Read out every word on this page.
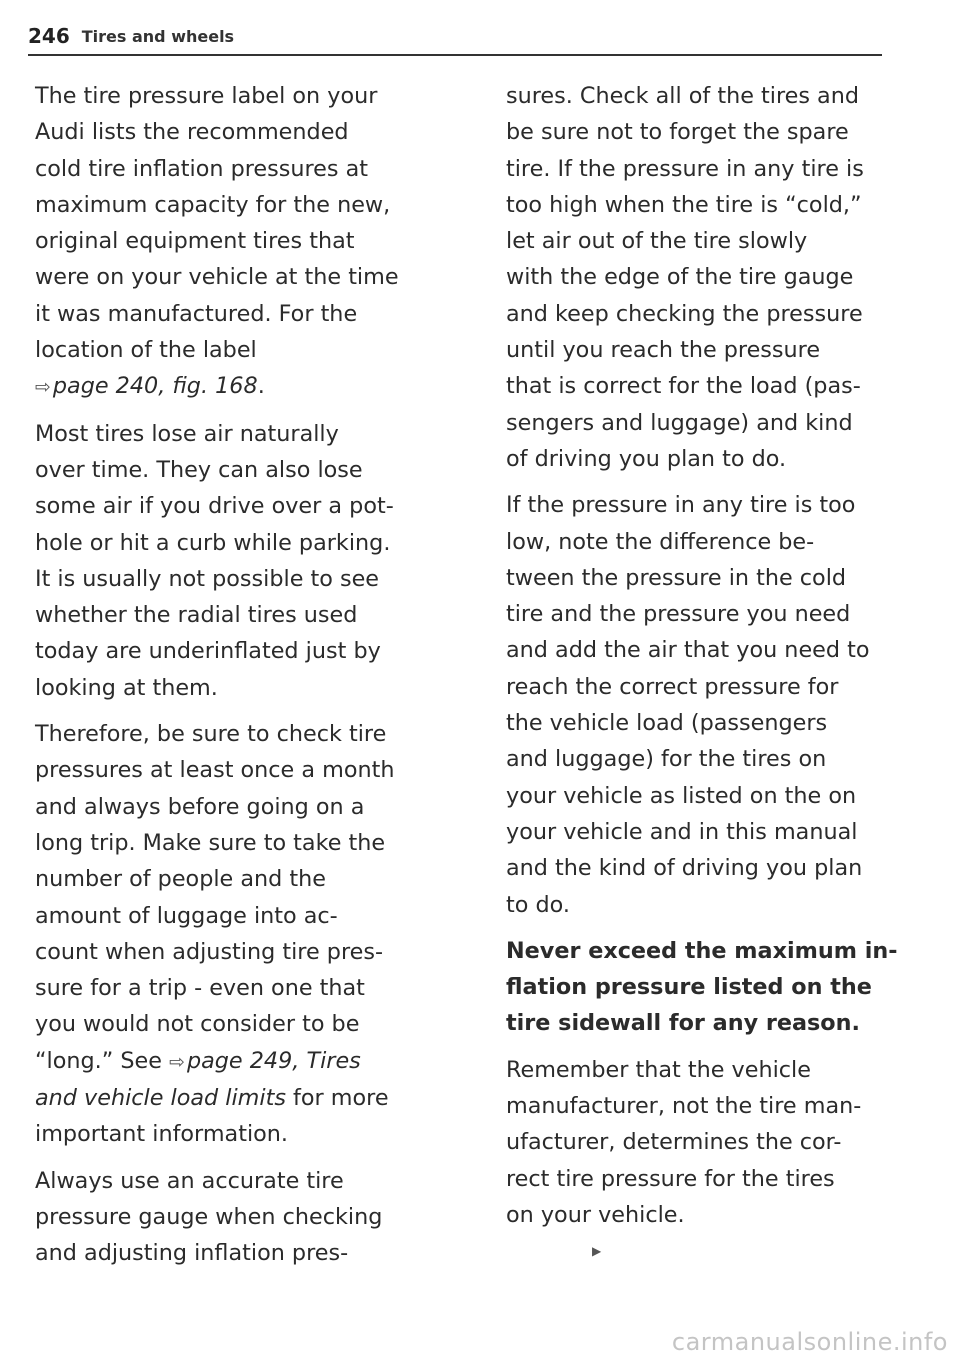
246 Tires and wheels

The tire pressure label on your
Audi lists the recommended
cold tire inflation pressures at
maximum capacity for the new,
original equipment tires that
were on your vehicle at the time
it was manufactured. For the
location of the label
⇨page 240, fig. 168.

Most tires lose air naturally
over time. They can also lose
some air if you drive over a pot-
hole or hit a curb while parking.
It is usually not possible to see
whether the radial tires used
today are underinflated just by
looking at them.

Therefore, be sure to check tire
pressures at least once a month
and always before going on a
long trip. Make sure to take the
number of people and the
amount of luggage into ac-
count when adjusting tire pres-
sure for a trip - even one that
you would not consider to be
“long.” See ⇨page 249, Tires
and vehicle load limits for more
important information.

Always use an accurate tire
pressure gauge when checking
and adjusting inflation pres-

sures. Check all of the tires and
be sure not to forget the spare
tire. If the pressure in any tire is
too high when the tire is “cold,”
let air out of the tire slowly
with the edge of the tire gauge
and keep checking the pressure
until you reach the pressure
that is correct for the load (pas-
sengers and luggage) and kind
of driving you plan to do.

If the pressure in any tire is too
low, note the difference be-
tween the pressure in the cold
tire and the pressure you need
and add the air that you need to
reach the correct pressure for
the vehicle load (passengers
and luggage) for the tires on
your vehicle as listed on the on
your vehicle and in this manual
and the kind of driving you plan
to do.

Never exceed the maximum in-
flation pressure listed on the
tire sidewall for any reason.

Remember that the vehicle
manufacturer, not the tire man-
ufacturer, determines the cor-
rect tire pressure for the tires
on your vehicle.
▶

carmanualsonline.info
